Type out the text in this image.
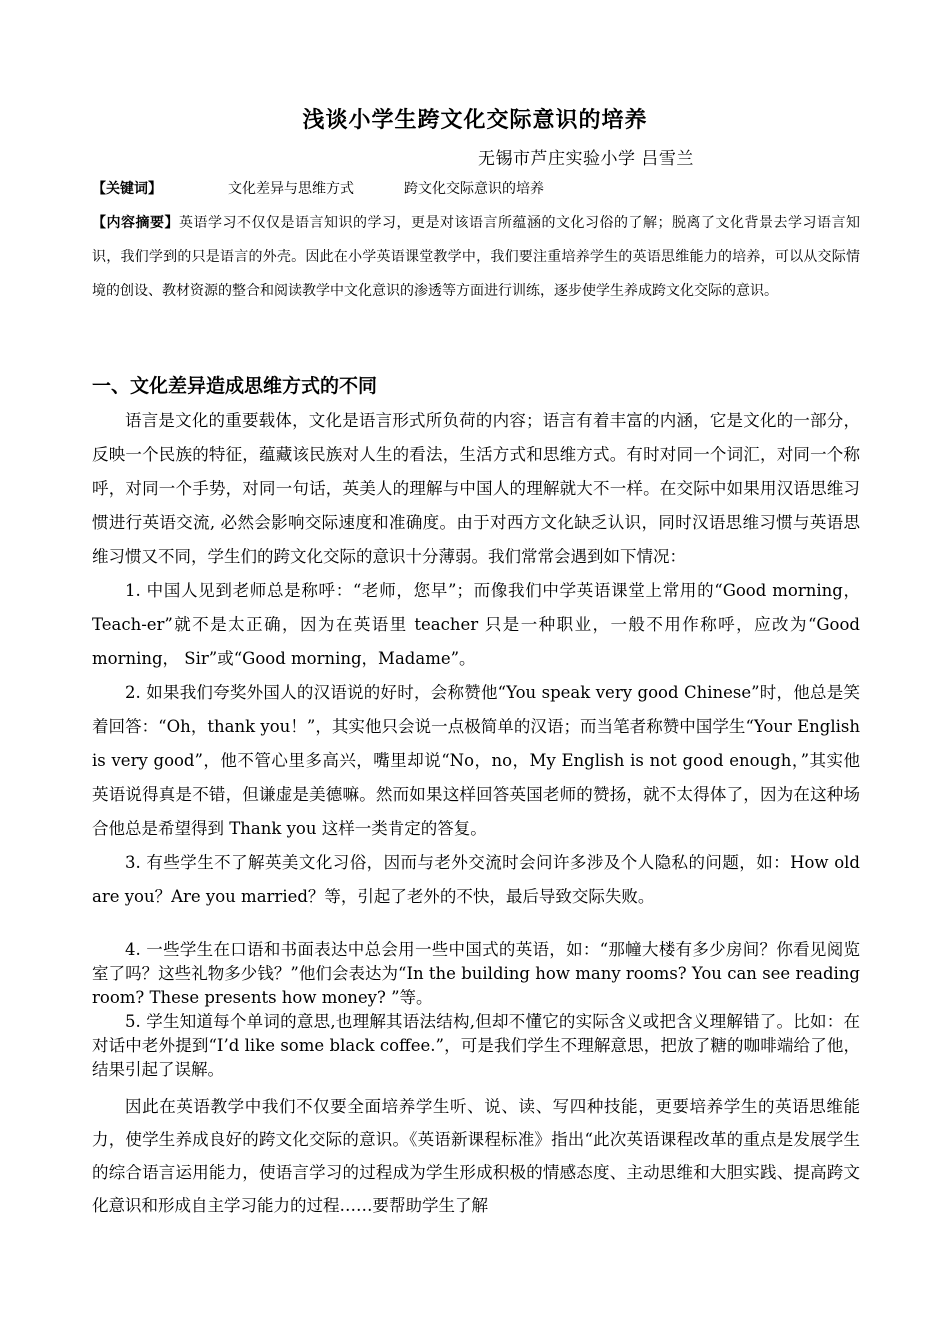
浅谈小学生跨文化交际意识的培养
无锡市芦庄实验小学 吕雪兰
【关键词】	文化差异与思维方式	跨文化交际意识的培养
【内容摘要】英语学习不仅仅是语言知识的学习，更是对该语言所蕴涵的文化习俗的了解；脱离了文化背景去学习语言知识，我们学到的只是语言的外壳。因此在小学英语课堂教学中，我们要注重培养学生的英语思维能力的培养，可以从交际情境的创设、教材资源的整合和阅读教学中文化意识的渗透等方面进行训练，逐步使学生养成跨文化交际的意识。
一、文化差异造成思维方式的不同

语言是文化的重要载体，文化是语言形式所负荷的内容；语言有着丰富的内涵，它是文化的一部分，反映一个民族的特征，蕴藏该民族对人生的看法，生活方式和思维方式。有时对同一个词汇，对同一个称呼，对同一个手势，对同一句话，英美人的理解与中国人的理解就大不一样。在交际中如果用汉语思维习惯进行英语交流, 必然会影响交际速度和准确度。由于对西方文化缺乏认识，同时汉语思维习惯与英语思维习惯又不同，学生们的跨文化交际的意识十分薄弱。我们常常会遇到如下情况：

1. 中国人见到老师总是称呼：“老师，您早”；而像我们中学英语课堂上常用的“Good morning，Teach-er”就不是太正确，因为在英语里 teacher 只是一种职业，一般不用作称呼，应改为“Good morning， Sir”或“Good morning，Madame”。

2. 如果我们夸奖外国人的汉语说的好时，会称赞他“You speak very good Chinese”时，他总是笑着回答：“Oh，thank you！”，其实他只会说一点极简单的汉语；而当笔者称赞中国学生“Your English is very good”，他不管心里多高兴，嘴里却说“No，no，My English is not good enough，”其实他英语说得真是不错，但谦虚是美德嘛。然而如果这样回答英国老师的赞扬，就不太得体了，因为在这种场合他总是希望得到 Thank you 这样一类肯定的答复。

3. 有些学生不了解英美文化习俗，因而与老外交流时会问许多涉及个人隐私的问题，如：How old are you？Are you married？等，引起了老外的不快，最后导致交际失败。

4. 一些学生在口语和书面表达中总会用一些中国式的英语，如：“那幢大楼有多少房间？你看见阅览室了吗？这些礼物多少钱？”他们会表达为“In the building how many rooms? You can see reading room? These presents how money? ”等。

5. 学生知道每个单词的意思,也理解其语法结构,但却不懂它的实际含义或把含义理解错了。比如：在对话中老外提到“I’d like some black coffee.”，可是我们学生不理解意思，把放了糖的咖啡端给了他，结果引起了误解。

因此在英语教学中我们不仅要全面培养学生听、说、读、写四种技能，更要培养学生的英语思维能力，使学生养成良好的跨文化交际的意识。《英语新课程标准》指出“此次英语课程改革的重点是发展学生的综合语言运用能力，使语言学习的过程成为学生形成积极的情感态度、主动思维和大胆实践、提高跨文化意识和形成自主学习能力的过程……要帮助学生了解
